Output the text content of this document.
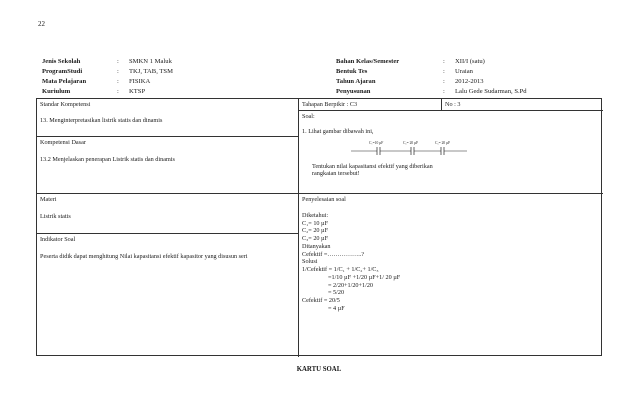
22
Jenis Sekolah	:	SMKN 1 Maluk
ProgramStudi	:	TKJ, TAB, TSM
Mata Pelajaran	:	FISIKA
Kuriulum	:	KTSP
Bahan Kelas/Semester	:	XII/I (satu)
Bentuk Tes	:	Uraian
Tahun Ajaran	:	2012-2013
Penyusunan	:	Lalu Gede Sudarman, S.Pd
Standar Kompetensi
13. Menginterpretasikan listrik statis dan dinamis
Kompetensi Dasar
13.2 Menjelaskan penerapan Listrik statis dan dinamis
Materi
Listrik statis
Indikator Soal
Peserta didik dapat menghitung Nilai kapasitansi efektif kapasitor yang disusun seri
Tahapan Berpikir : C3	No : 3
Soal:
1. Lihat gambar dibawah ini,
C₁=10 µF	C₂= 20 µF	C₃= 20 µF
Tentukan nilai kapasitansi efektif yang diberikan
rangkaian tersebut!
Penyelesaian soal
Diketahui:
C₁= 10 µF
C₂= 20 µF
C₃= 20 µF
Ditanyakan
Cefektif =……………..?
Solusi
1/Cefektif = 1/C₁ + 1/C₂+ 1/C₃
=1/10 µF +1/20 µF+1/ 20 µF
= 2/20+1/20+1/20
= 5/20
Cefektif = 20/5
= 4 µF
KARTU SOAL
